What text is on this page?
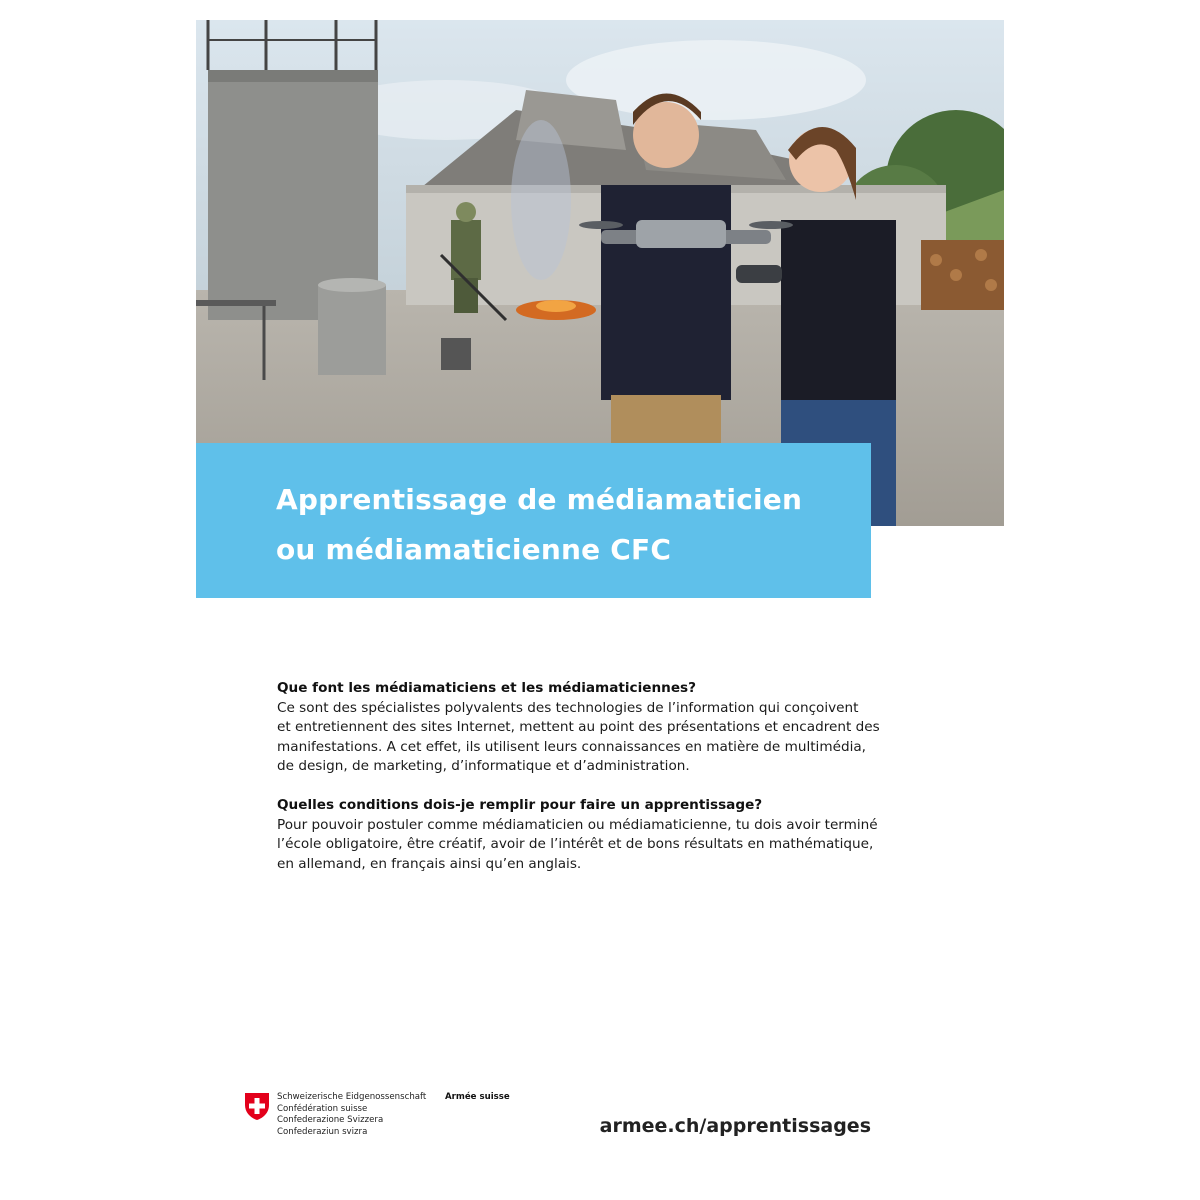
Apprentissage de médiamaticien
ou médiamaticienne CFC
Que font les médiamaticiens et les médiamaticiennes?

Ce sont des spécialistes polyvalents des technologies de l’information qui conçoivent
et entretiennent des sites Internet, mettent au point des présentations et encadrent des
manifestations. A cet effet, ils utilisent leurs connaissances en matière de multimédia,
de design, de marketing, d’informatique et d’administration.

Quelles conditions dois-je remplir pour faire un apprentissage?

Pour pouvoir postuler comme médiamaticien ou médiamaticienne, tu dois avoir terminé
l’école obligatoire, être créatif, avoir de l’intérêt et de bons résultats en mathématique,
en allemand, en français ainsi qu’en anglais.

Schweizerische Eidgenossenschaft
Confédération suisse
Confederazione Svizzera
Confederaziun svizra
Armée suisse
armee.ch/apprentissages
